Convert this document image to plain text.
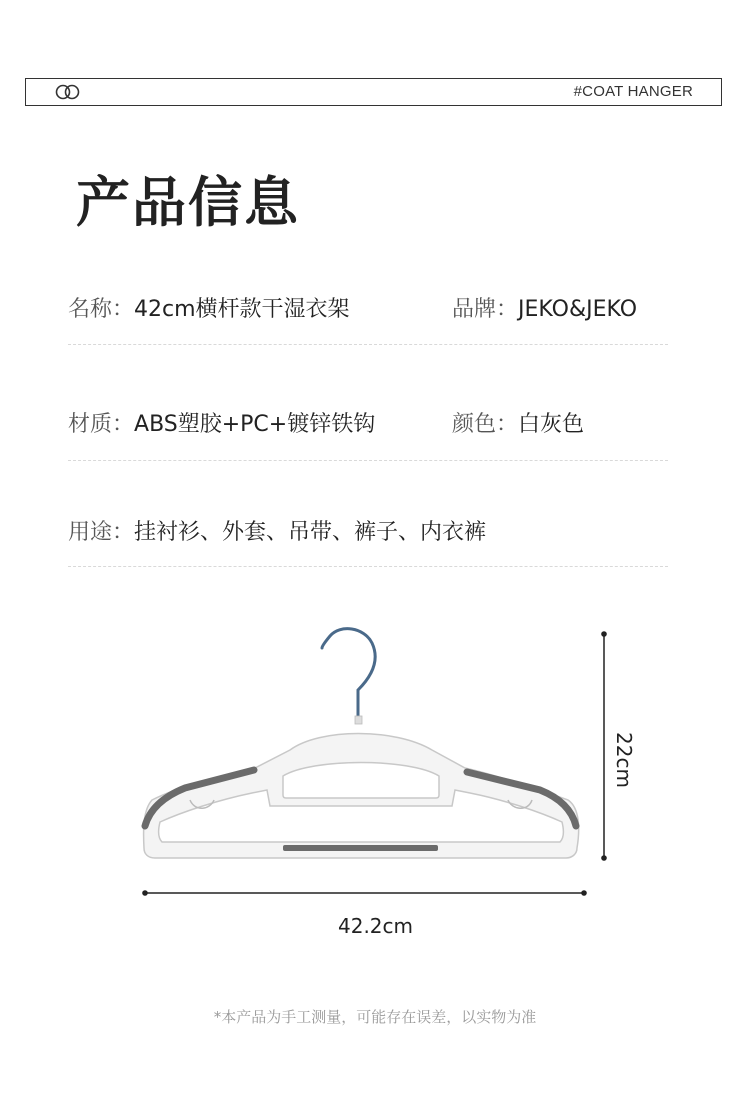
#COAT HANGER
产品信息
名称：42cm横杆款干湿衣架	品牌：JEKO&JEKO
材质：ABS塑胶+PC+镀锌铁钩	颜色：白灰色
用途：挂衬衫、外套、吊带、裤子、内衣裤
22cm
42.2cm
*本产品为手工测量，可能存在误差，以实物为准
